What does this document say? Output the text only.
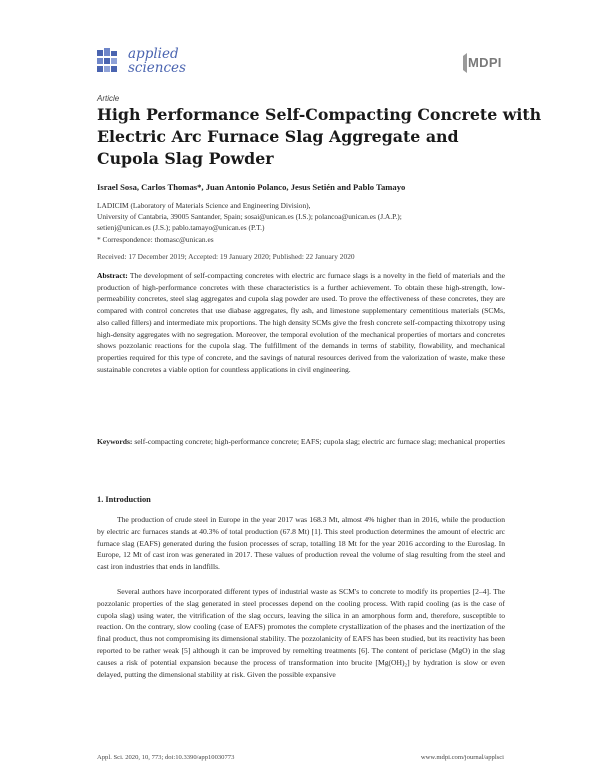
applied
sciences	MDPI
Article
High Performance Self-Compacting Concrete with
Electric Arc Furnace Slag Aggregate and
Cupola Slag Powder
Israel Sosa, Carlos Thomas*, Juan Antonio Polanco, Jesus Setién and Pablo Tamayo
LADICIM (Laboratory of Materials Science and Engineering Division),
University of Cantabria, 39005 Santander, Spain; sosai@unican.es (I.S.); polancoa@unican.es (J.A.P.);
setienj@unican.es (J.S.); pablo.tamayo@unican.es (P.T.)
* Correspondence: thomasc@unican.es
Received: 17 December 2019; Accepted: 19 January 2020; Published: 22 January 2020

Abstract: The development of self-compacting concretes with electric arc furnace slags is a novelty in the field of materials and the production of high-performance concretes with these characteristics is a further achievement. To obtain these high-strength, low-permeability concretes, steel slag aggregates and cupola slag powder are used. To prove the effectiveness of these concretes, they are compared with control concretes that use diabase aggregates, fly ash, and limestone supplementary cementitious materials (SCMs, also called fillers) and intermediate mix proportions. The high density SCMs give the fresh concrete self-compacting thixotropy using high-density aggregates with no segregation. Moreover, the temporal evolution of the mechanical properties of mortars and concretes shows pozzolanic reactions for the cupola slag. The fulfillment of the demands in terms of stability, flowability, and mechanical properties required for this type of concrete, and the savings of natural resources derived from the valorization of waste, make these sustainable concretes a viable option for countless applications in civil engineering.

Keywords: self-compacting concrete; high-performance concrete; EAFS; cupola slag; electric arc furnace slag; mechanical properties

1. Introduction

The production of crude steel in Europe in the year 2017 was 168.3 Mt, almost 4% higher than in 2016, while the production by electric arc furnaces stands at 40.3% of total production (67.8 Mt) [1]. This steel production determines the amount of electric arc furnace slag (EAFS) generated during the fusion processes of scrap, totalling 18 Mt for the year 2016 according to the Euroslag. In Europe, 12 Mt of cast iron was generated in 2017. These values of production reveal the volume of slag resulting from the steel and cast iron industries that ends in landfills.

Several authors have incorporated different types of industrial waste as SCM's to concrete to modify its properties [2–4]. The pozzolanic properties of the slag generated in steel processes depend on the cooling process. With rapid cooling (as is the case of cupola slag) using water, the vitrification of the slag occurs, leaving the silica in an amorphous form and, therefore, susceptible to reaction. On the contrary, slow cooling (case of EAFS) promotes the complete crystallization of the phases and the inertization of the final product, thus not compromising its dimensional stability. The pozzolanicity of EAFS has been studied, but its reactivity has been reported to be rather weak [5] although it can be improved by remelting treatments [6]. The content of periclase (MgO) in the slag causes a risk of potential expansion because the process of transformation into brucite [Mg(OH)₂] by hydration is slow or even delayed, putting the dimensional stability at risk. Given the possible expansive

Appl. Sci. 2020, 10, 773; doi:10.3390/app10030773	www.mdpi.com/journal/applsci
